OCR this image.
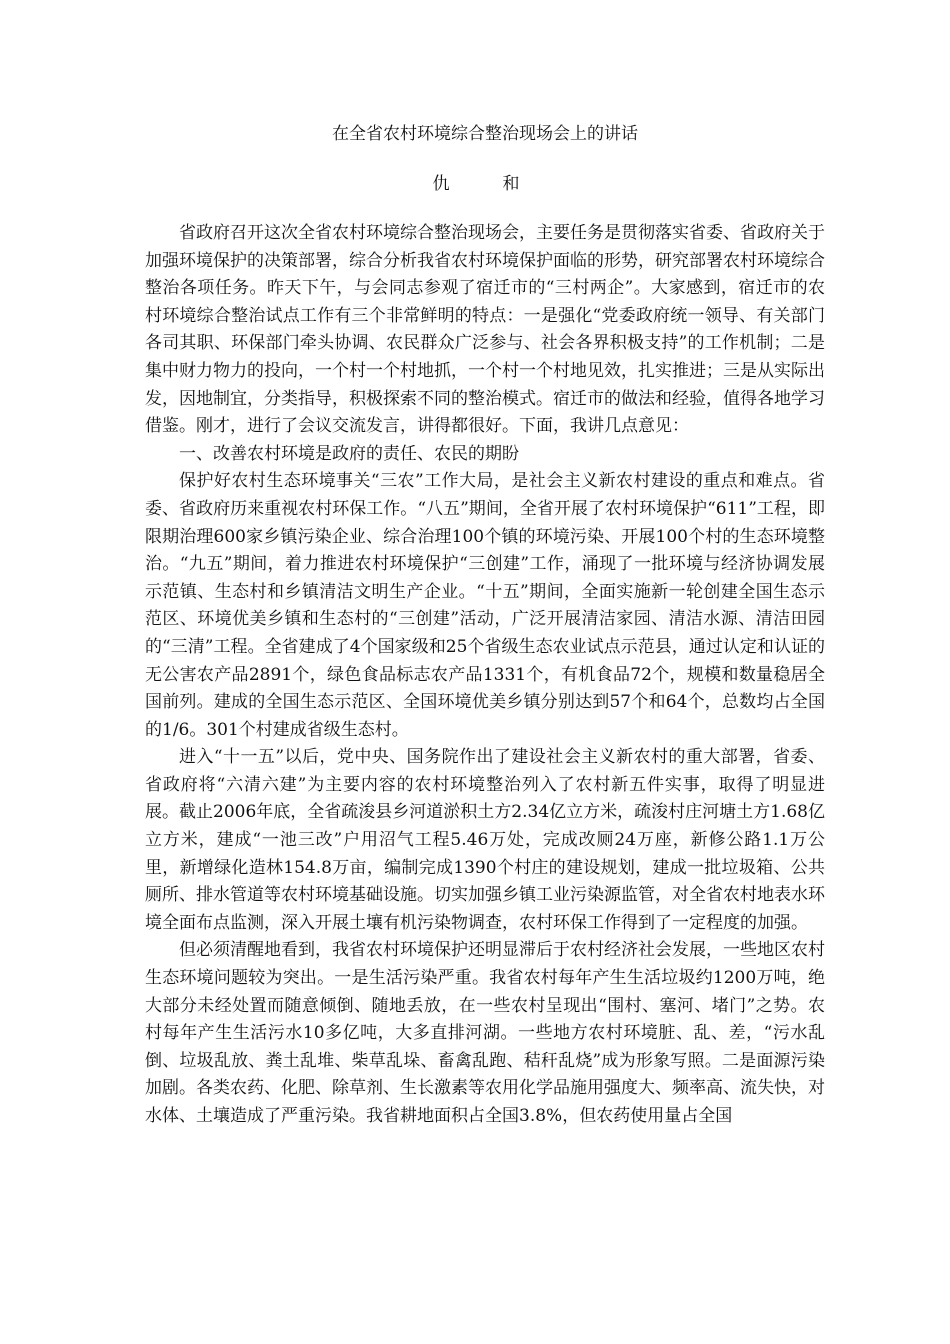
在全省农村环境综合整治现场会上的讲话
仇　和

省政府召开这次全省农村环境综合整治现场会，主要任务是贯彻落实省委、省政府关于加强环境保护的决策部署，综合分析我省农村环境保护面临的形势，研究部署农村环境综合整治各项任务。昨天下午，与会同志参观了宿迁市的“三村两企”。大家感到，宿迁市的农村环境综合整治试点工作有三个非常鲜明的特点：一是强化“党委政府统一领导、有关部门各司其职、环保部门牵头协调、农民群众广泛参与、社会各界积极支持”的工作机制；二是集中财力物力的投向，一个村一个村地抓，一个村一个村地见效，扎实推进；三是从实际出发，因地制宜，分类指导，积极探索不同的整治模式。宿迁市的做法和经验，值得各地学习借鉴。刚才，进行了会议交流发言，讲得都很好。下面，我讲几点意见：

一、改善农村环境是政府的责任、农民的期盼

保护好农村生态环境事关“三农”工作大局，是社会主义新农村建设的重点和难点。省委、省政府历来重视农村环保工作。“八五”期间，全省开展了农村环境保护“611”工程，即限期治理600家乡镇污染企业、综合治理100个镇的环境污染、开展100个村的生态环境整治。“九五”期间，着力推进农村环境保护“三创建”工作，涌现了一批环境与经济协调发展示范镇、生态村和乡镇清洁文明生产企业。“十五”期间，全面实施新一轮创建全国生态示范区、环境优美乡镇和生态村的“三创建”活动，广泛开展清洁家园、清洁水源、清洁田园的“三清”工程。全省建成了4个国家级和25个省级生态农业试点示范县，通过认定和认证的无公害农产品2891个，绿色食品标志农产品1331个，有机食品72个，规模和数量稳居全国前列。建成的全国生态示范区、全国环境优美乡镇分别达到57个和64个，总数均占全国的1/6。301个村建成省级生态村。

进入“十一五”以后，党中央、国务院作出了建设社会主义新农村的重大部署，省委、省政府将“六清六建”为主要内容的农村环境整治列入了农村新五件实事，取得了明显进展。截止2006年底，全省疏浚县乡河道淤积土方2.34亿立方米，疏浚村庄河塘土方1.68亿立方米，建成“一池三改”户用沼气工程5.46万处，完成改厕24万座，新修公路1.1万公里，新增绿化造林154.8万亩，编制完成1390个村庄的建设规划，建成一批垃圾箱、公共厕所、排水管道等农村环境基础设施。切实加强乡镇工业污染源监管，对全省农村地表水环境全面布点监测，深入开展土壤有机污染物调查，农村环保工作得到了一定程度的加强。

但必须清醒地看到，我省农村环境保护还明显滞后于农村经济社会发展，一些地区农村生态环境问题较为突出。一是生活污染严重。我省农村每年产生生活垃圾约1200万吨，绝大部分未经处置而随意倾倒、随地丢放，在一些农村呈现出“围村、塞河、堵门”之势。农村每年产生生活污水10多亿吨，大多直排河湖。一些地方农村环境脏、乱、差，“污水乱倒、垃圾乱放、粪土乱堆、柴草乱垛、畜禽乱跑、秸秆乱烧”成为形象写照。二是面源污染加剧。各类农药、化肥、除草剂、生长激素等农用化学品施用强度大、频率高、流失快，对水体、土壤造成了严重污染。我省耕地面积占全国3.8%，但农药使用量占全国
